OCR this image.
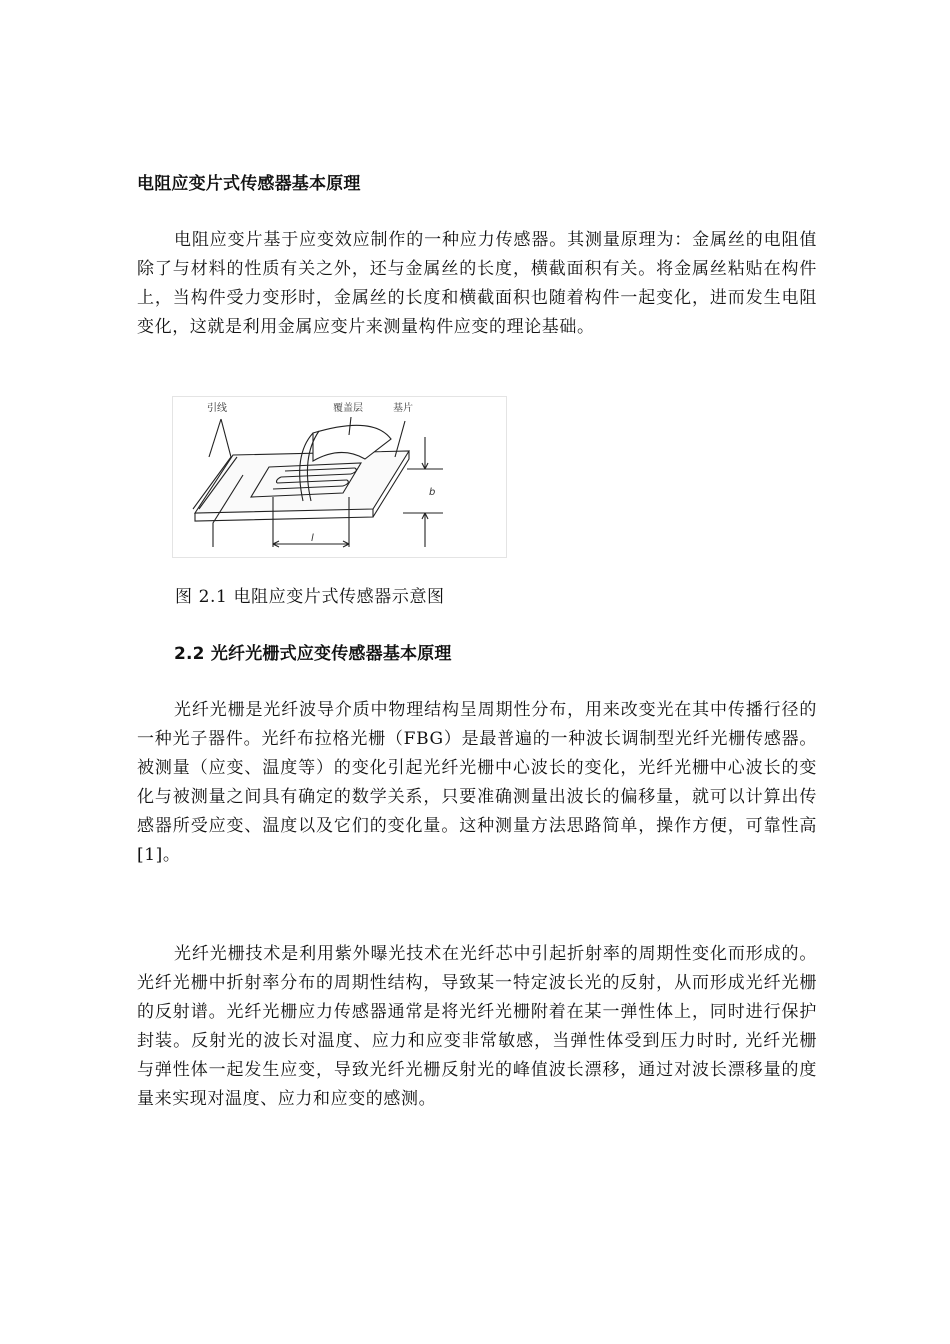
电阻应变片式传感器基本原理

电阻应变片基于应变效应制作的一种应力传感器。其测量原理为：金属丝的电阻值除了与材料的性质有关之外，还与金属丝的长度，横截面积有关。将金属丝粘贴在构件上，当构件受力变形时，金属丝的长度和横截面积也随着构件一起变化，进而发生电阻变化，这就是利用金属应变片来测量构件应变的理论基础。

引线	覆盖层	基片
l
b

图 2.1 电阻应变片式传感器示意图

2.2 光纤光栅式应变传感器基本原理

光纤光栅是光纤波导介质中物理结构呈周期性分布，用来改变光在其中传播行径的一种光子器件。光纤布拉格光栅（FBG）是最普遍的一种波长调制型光纤光栅传感器。被测量（应变、温度等）的变化引起光纤光栅中心波长的变化，光纤光栅中心波长的变化与被测量之间具有确定的数学关系，只要准确测量出波长的偏移量，就可以计算出传感器所受应变、温度以及它们的变化量。这种测量方法思路简单，操作方便，可靠性高[1]。

光纤光栅技术是利用紫外曝光技术在光纤芯中引起折射率的周期性变化而形成的。光纤光栅中折射率分布的周期性结构，导致某一特定波长光的反射，从而形成光纤光栅的反射谱。光纤光栅应力传感器通常是将光纤光栅附着在某一弹性体上，同时进行保护封装。反射光的波长对温度、应力和应变非常敏感，当弹性体受到压力时时, 光纤光栅与弹性体一起发生应变，导致光纤光栅反射光的峰值波长漂移，通过对波长漂移量的度量来实现对温度、应力和应变的感测。
